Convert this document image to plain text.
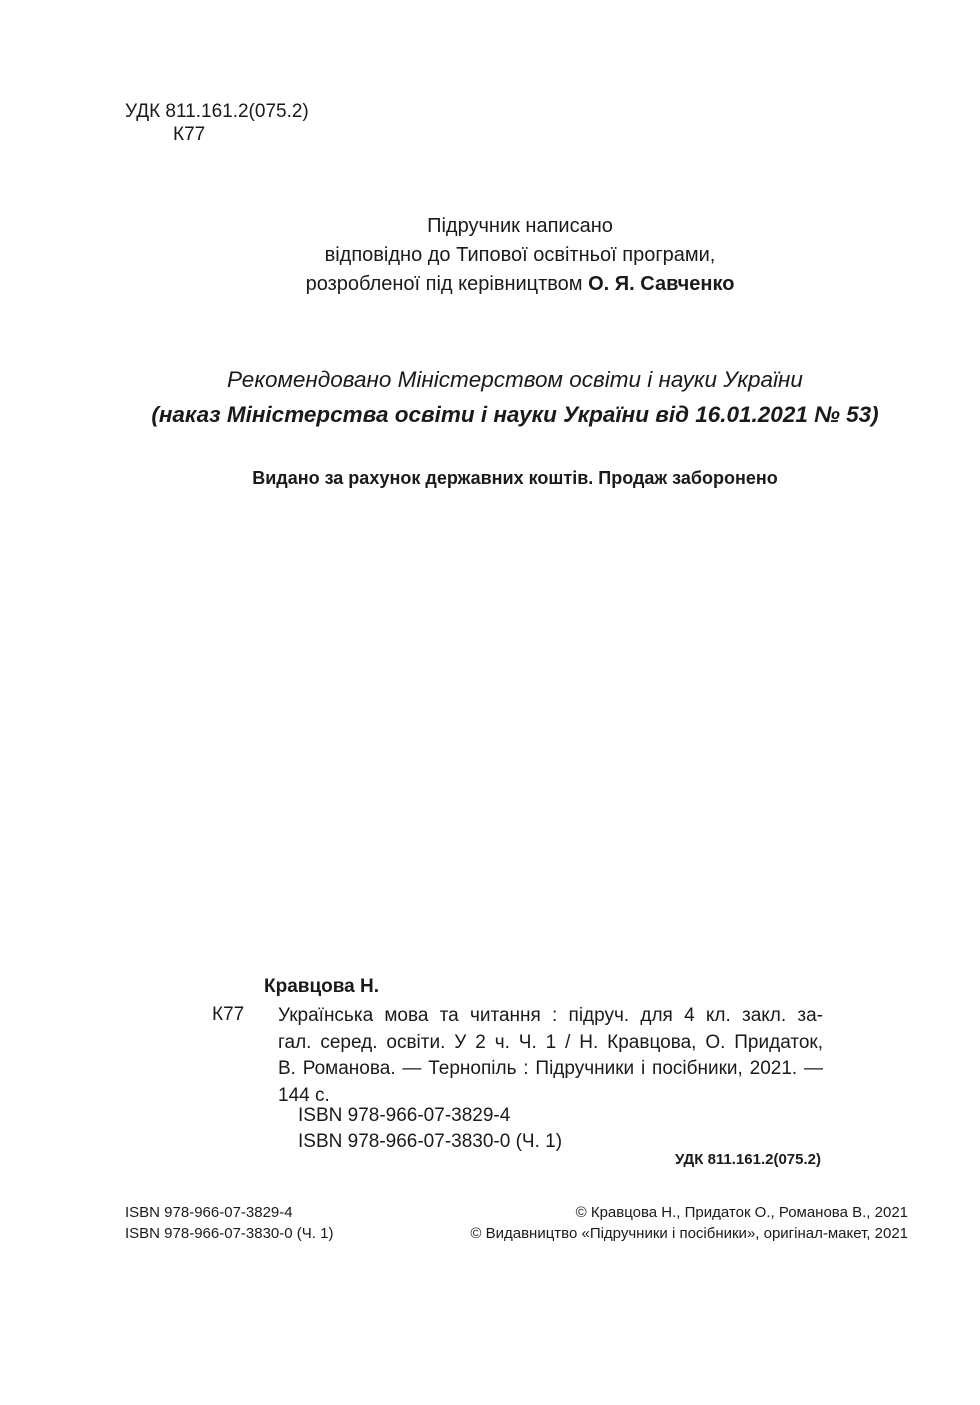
УДК 811.161.2(075.2)
К77
Підручник написано
відповідно до Типової освітньої програми,
розробленої під керівництвом О. Я. Савченко
Рекомендовано Міністерством освіти і науки України
(наказ Міністерства освіти і науки України від 16.01.2021 № 53)
Видано за рахунок державних коштів. Продаж заборонено
Кравцова Н.
К77 Українська мова та читання : підруч. для 4 кл. закл. за-
гал. серед. освіти. У 2 ч. Ч. 1 / Н. Кравцова, О. Придаток,
В. Романова. — Тернопіль : Підручники і посібники, 2021. —
144 с.
ISBN 978-966-07-3829-4
ISBN 978-966-07-3830-0 (Ч. 1)
УДК 811.161.2(075.2)
ISBN 978-966-07-3829-4
ISBN 978-966-07-3830-0 (Ч. 1)
© Кравцова Н., Придаток О., Романова В., 2021
© Видавництво «Підручники і посібники», оригінал-макет, 2021
